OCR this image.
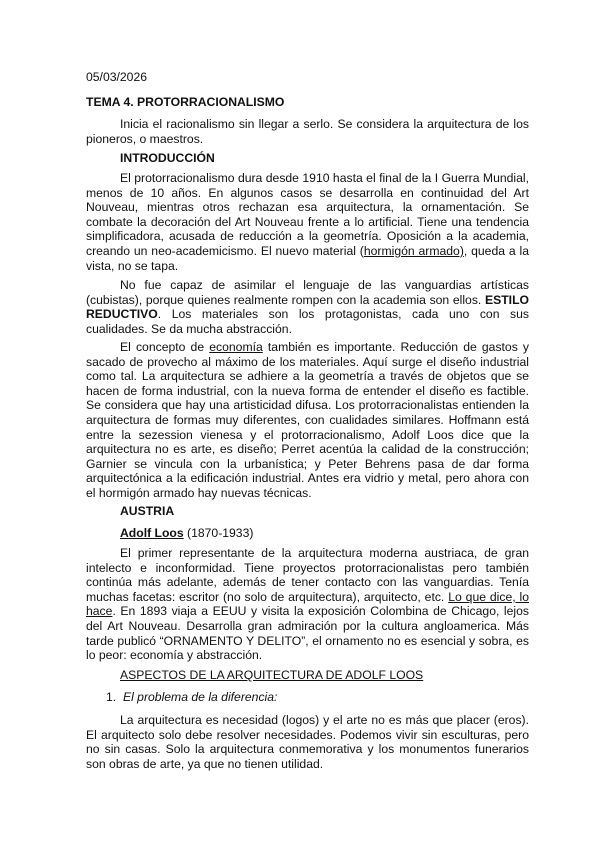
05/03/2026

TEMA 4. PROTORRACIONALISMO

Inicia el racionalismo sin llegar a serlo. Se considera la arquitectura de los pioneros, o maestros.

INTRODUCCIÓN

El protorracionalismo dura desde 1910 hasta el final de la I Guerra Mundial, menos de 10 años. En algunos casos se desarrolla en continuidad del Art Nouveau, mientras otros rechazan esa arquitectura, la ornamentación. Se combate la decoración del Art Nouveau frente a lo artificial. Tiene una tendencia simplificadora, acusada de reducción a la geometría. Oposición a la academia, creando un neo-academicismo. El nuevo material (hormigón armado), queda a la vista, no se tapa.

No fue capaz de asimilar el lenguaje de las vanguardias artísticas (cubistas), porque quienes realmente rompen con la academia son ellos. ESTILO REDUCTIVO. Los materiales son los protagonistas, cada uno con sus cualidades. Se da mucha abstracción.

El concepto de economía también es importante. Reducción de gastos y sacado de provecho al máximo de los materiales. Aquí surge el diseño industrial como tal. La arquitectura se adhiere a la geometría a través de objetos que se hacen de forma industrial, con la nueva forma de entender el diseño es factible. Se considera que hay una artisticidad difusa. Los protorracionalistas entienden la arquitectura de formas muy diferentes, con cualidades similares. Hoffmann está entre la sezession vienesa y el protorracionalismo, Adolf Loos dice que la arquitectura no es arte, es diseño; Perret acentúa la calidad de la construcción; Garnier se vincula con la urbanística; y Peter Behrens pasa de dar forma arquitectónica a la edificación industrial. Antes era vidrio y metal, pero ahora con el hormigón armado hay nuevas técnicas.

AUSTRIA

Adolf Loos (1870-1933)

El primer representante de la arquitectura moderna austriaca, de gran intelecto e inconformidad. Tiene proyectos protorracionalistas pero también continúa más adelante, además de tener contacto con las vanguardias. Tenía muchas facetas: escritor (no solo de arquitectura), arquitecto, etc. Lo que dice, lo hace. En 1893 viaja a EEUU y visita la exposición Colombina de Chicago, lejos del Art Nouveau. Desarrolla gran admiración por la cultura angloamerica. Más tarde publicó “ORNAMENTO Y DELITO”, el ornamento no es esencial y sobra, es lo peor: economía y abstracción.

ASPECTOS DE LA ARQUITECTURA DE ADOLF LOOS

1. El problema de la diferencia:

La arquitectura es necesidad (logos) y el arte no es más que placer (eros). El arquitecto solo debe resolver necesidades. Podemos vivir sin esculturas, pero no sin casas. Solo la arquitectura conmemorativa y los monumentos funerarios son obras de arte, ya que no tienen utilidad.
